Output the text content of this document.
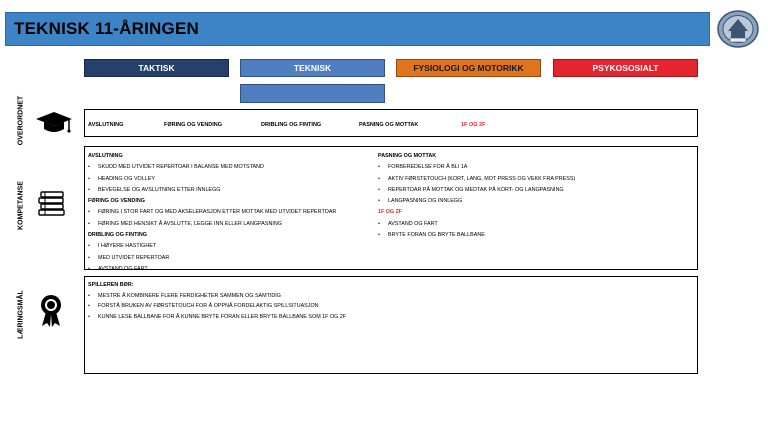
TEKNISK 11-ÅRINGEN
TAKTISK	TEKNISK	FYSIOLOGI OG MOTORIKK	PSYKOSOSIALT
OVERORDNET	AVSLUTNING	FØRING OG VENDING	DRIBLING OG FINTING	PASNING OG MOTTAK	1F OG 2F
KOMPETANSE
AVSLUTNING
• SKUDD MED UTVIDET REPERTOAR I BALANSE MED MOTSTAND
• HEADING OG VOLLEY
• BEVEGELSE OG AVSLUTNING ETTER INNLEGG
FØRING OG VENDING
• FØRING I STOR FART OG MED AKSELERASJON ETTER MOTTAK MED UTVIDET REPERTOAR
• FØRING MED HENSIKT Å AVSLUTTE, LEGGE INN ELLER LANGPASNING
DRIBLING OG FINTING
• I HØYERE HASTIGHET
• MED UTVIDET REPERTOAR
• AVSTAND OG FART
PASNING OG MOTTAK
• FORBEREDELSE FOR Å BLI 1A
• AKTIV FØRSTETOUCH (KORT, LANG, MOT PRESS OG VEKK FRA PRESS)
• REPERTOAR PÅ MOTTAK OG MEDTAK PÅ KORT- OG LANGPASNING
• LANGPASNING OG INNLEGG
1F OG 2F
• AVSTAND OG FART
• BRYTE FORAN OG BRYTE BALLBANE
LÆRINGSMÅL
SPILLEREN BØR:
• MESTRE Å KOMBINERE FLERE FERDIGHETER SAMMEN OG SAMTIDIG
• FORSTÅ BRUKEN AV FØRSTETOUCH FOR Å OPPNÅ FORDELAKTIG SPILLSITUASJON
• KUNNE LESE BALLBANE FOR Å KUNNE BRYTE FORAN ELLER BRYTE BALLBANE SOM 1F OG 2F
